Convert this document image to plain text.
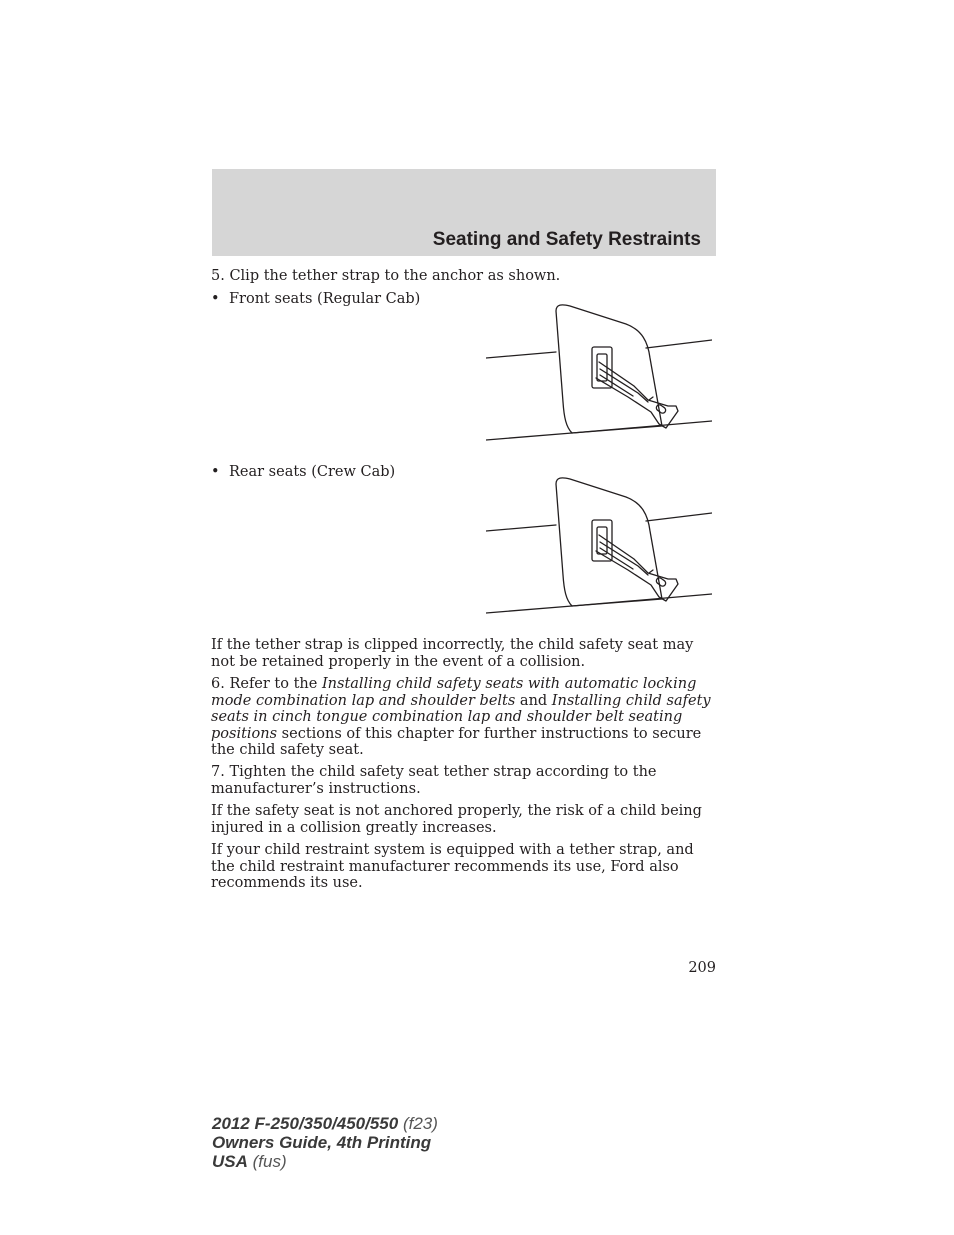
Seating and Safety Restraints
5. Clip the tether strap to the anchor as shown.
• Front seats (Regular Cab)
• Rear seats (Crew Cab)
If the tether strap is clipped incorrectly, the child safety seat may not be retained properly in the event of a collision.
6. Refer to the Installing child safety seats with automatic locking mode combination lap and shoulder belts and Installing child safety seats in cinch tongue combination lap and shoulder belt seating positions sections of this chapter for further instructions to secure the child safety seat.
7. Tighten the child safety seat tether strap according to the manufacturer’s instructions.
If the safety seat is not anchored properly, the risk of a child being injured in a collision greatly increases.
If your child restraint system is equipped with a tether strap, and the child restraint manufacturer recommends its use, Ford also recommends its use.
209
2012 F-250/350/450/550 (f23)
Owners Guide, 4th Printing
USA (fus)
